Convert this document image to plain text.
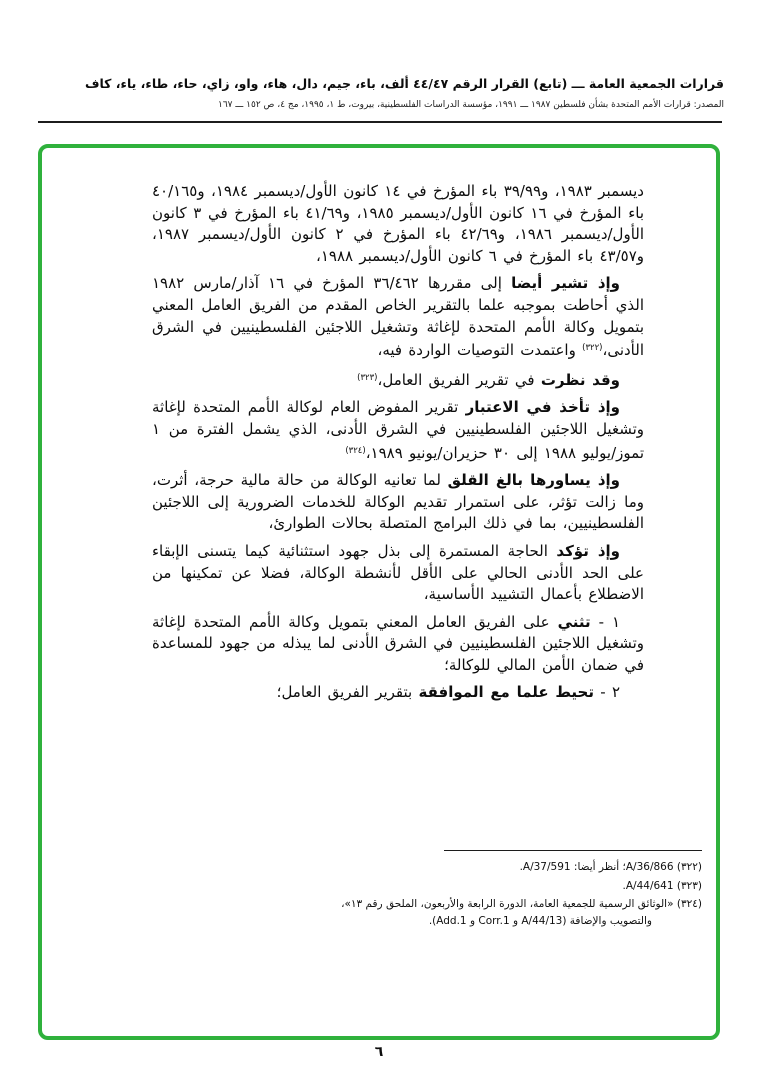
قرارات الجمعية العامة ـــ (تابع) القرار الرقم ٤٤/٤٧ ألف، باء، جيم، دال، هاء، واو، زاي، حاء، طاء، ياء، كاف
المصدر: قرارات الأمم المتحدة بشأن فلسطين ١٩٨٧ ـــ ١٩٩١، مؤسسة الدراسات الفلسطينية، بيروت، ط ١، ١٩٩٥، مج ٤، ص ١٥٢ ـــ ١٦٧

ديسمبر ١٩٨٣، و٣٩/٩٩ باء المؤرخ في ١٤ كانون الأول/ديسمبر ١٩٨٤، و٤٠/١٦٥ باء المؤرخ في ١٦ كانون الأول/ديسمبر ١٩٨٥، و٤١/٦٩ باء المؤرخ في ٣ كانون الأول/ديسمبر ١٩٨٦، و٤٢/٦٩ باء المؤرخ في ٢ كانون الأول/ديسمبر ١٩٨٧، و٤٣/٥٧ باء المؤرخ في ٦ كانون الأول/ديسمبر ١٩٨٨،

وإذ تشير أيضا إلى مقررها ٣٦/٤٦٢ المؤرخ في ١٦ آذار/مارس ١٩٨٢ الذي أحاطت بموجبه علما بالتقرير الخاص المقدم من الفريق العامل المعني بتمويل وكالة الأمم المتحدة لإغاثة وتشغيل اللاجئين الفلسطينيين في الشرق الأدنى،$^{(٣٢٢)}$ واعتمدت التوصيات الواردة فيه،

وقد نظرت في تقرير الفريق العامل،$^{(٣٢٣)}$

وإذ تأخذ في الاعتبار تقرير المفوض العام لوكالة الأمم المتحدة لإغاثة وتشغيل اللاجئين الفلسطينيين في الشرق الأدنى، الذي يشمل الفترة من ١ تموز/يوليو ١٩٨٨ إلى ٣٠ حزيران/يونيو ١٩٨٩،$^{(٣٢٤)}$

وإذ يساورها بالغ القلق لما تعانيه الوكالة من حالة مالية حرجة، أثرت، وما زالت تؤثر، على استمرار تقديم الوكالة للخدمات الضرورية إلى اللاجئين الفلسطينيين، بما في ذلك البرامج المتصلة بحالات الطوارئ،

وإذ تؤكد الحاجة المستمرة إلى بذل جهود استثنائية كيما يتسنى الإبقاء على الحد الأدنى الحالي على الأقل لأنشطة الوكالة، فضلا عن تمكينها من الاضطلاع بأعمال التشييد الأساسية،

١ - تثني على الفريق العامل المعني بتمويل وكالة الأمم المتحدة لإغاثة وتشغيل اللاجئين الفلسطينيين في الشرق الأدنى لما يبذله من جهود للمساعدة في ضمان الأمن المالي للوكالة؛

٢ - تحيط علما مع الموافقة بتقرير الفريق العامل؛

(٣٢٢) A/36/866؛ أنظر أيضا: A/37/591.
(٣٢٣) A/44/641.
(٣٢٤) «الوثائق الرسمية للجمعية العامة، الدورة الرابعة والأربعون، الملحق رقم ١٣»، والتصويب والإضافة (A/44/13 و Corr.1 و Add.1).
٦
